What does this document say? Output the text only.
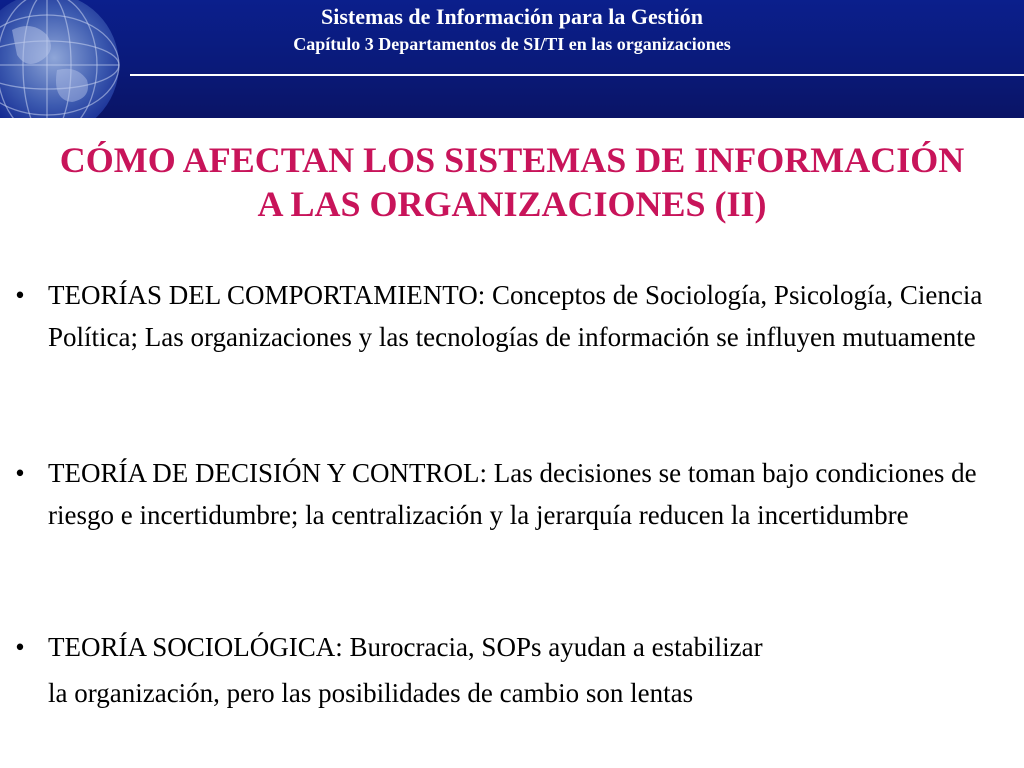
Sistemas de Información para la Gestión
Capítulo 3 Departamentos de SI/TI en las organizaciones
CÓMO AFECTAN LOS SISTEMAS DE INFORMACIÓN
A LAS ORGANIZACIONES (II)
• TEORÍAS DEL COMPORTAMIENTO: Conceptos de Sociología, Psicología, Ciencia Política; Las organizaciones y las tecnologías de información se influyen mutuamente
• TEORÍA DE DECISIÓN Y CONTROL: Las decisiones se toman bajo condiciones de riesgo e incertidumbre; la centralización y la jerarquía reducen la incertidumbre
• TEORÍA SOCIOLÓGICA: Burocracia, SOPs ayudan a estabilizar
la organización, pero las posibilidades de cambio son lentas
